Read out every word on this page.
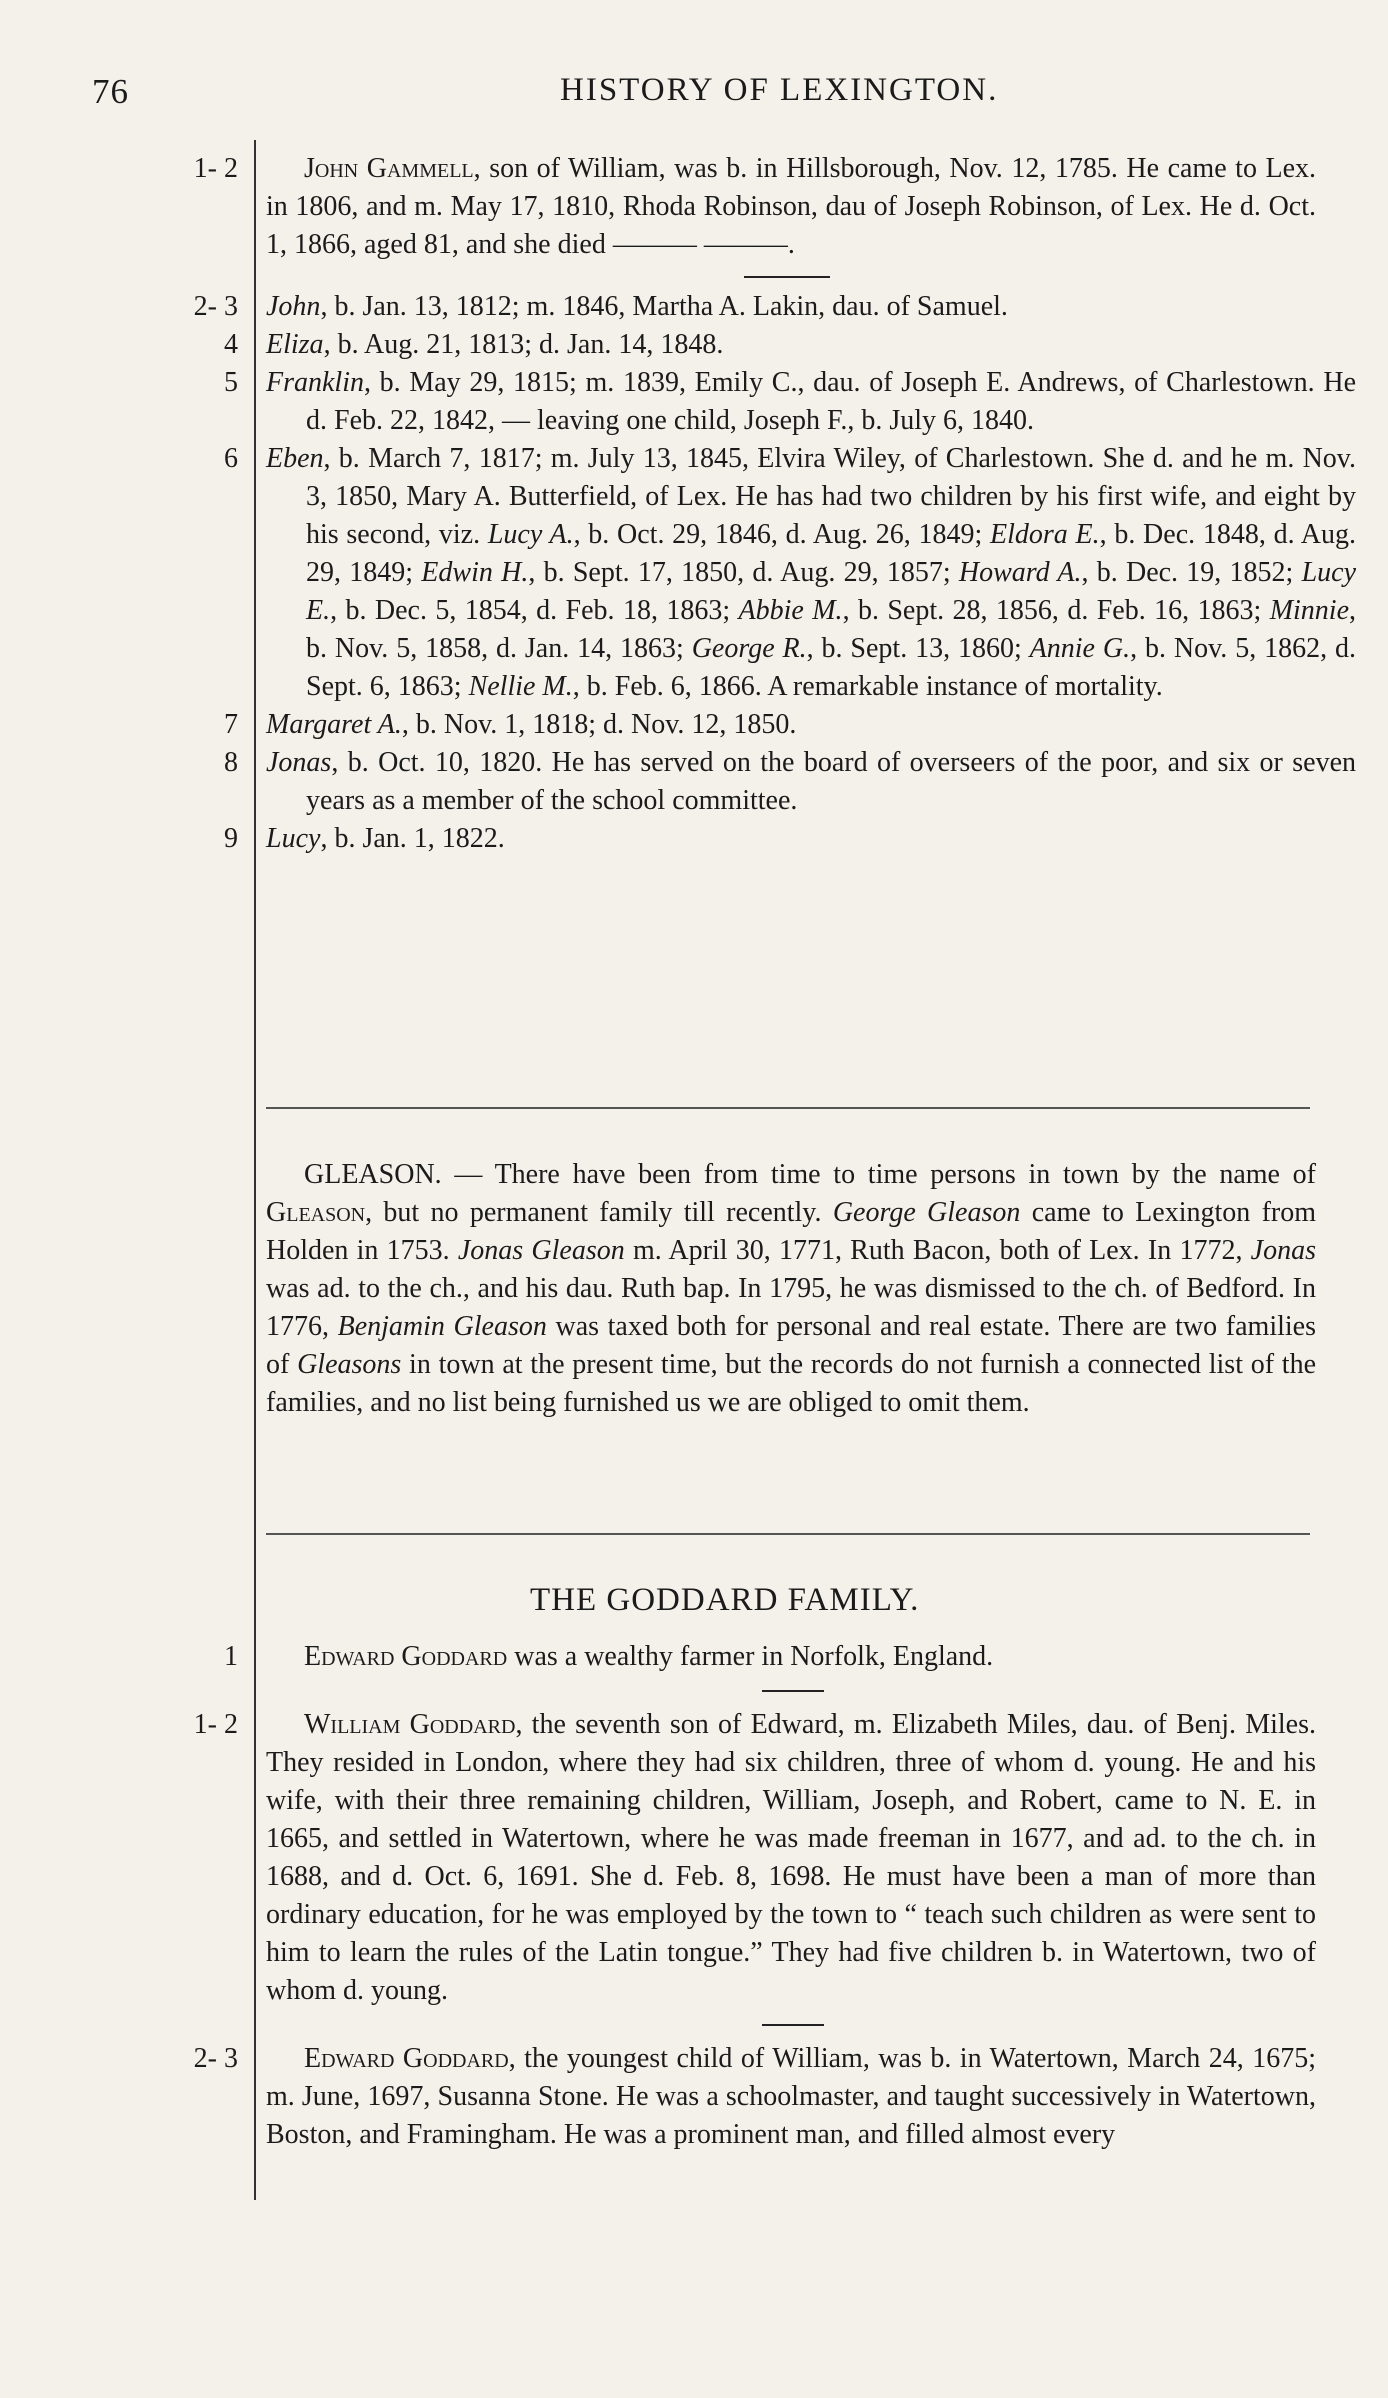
76	HISTORY OF LEXINGTON.
1- 2	John Gammell, son of William, was b. in Hillsborough, Nov. 12, 1785. He came to Lex. in 1806, and m. May 17, 1810, Rhoda Robinson, dau of Joseph Robinson, of Lex. He d. Oct. 1, 1866, aged 81, and she died ——— ———.
2- 3 John, b. Jan. 13, 1812; m. 1846, Martha A. Lakin, dau. of Samuel.
4 Eliza, b. Aug. 21, 1813; d. Jan. 14, 1848.
5 Franklin, b. May 29, 1815; m. 1839, Emily C., dau. of Joseph E. Andrews, of Charlestown. He d. Feb. 22, 1842, — leaving one child, Joseph F., b. July 6, 1840.
6 Eben, b. March 7, 1817; m. July 13, 1845, Elvira Wiley, of Charlestown. She d. and he m. Nov. 3, 1850, Mary A. Butterfield, of Lex. He has had two children by his first wife, and eight by his second, viz. Lucy A., b. Oct. 29, 1846, d. Aug. 26, 1849; Eldora E., b. Dec. 1848, d. Aug. 29, 1849; Edwin H., b. Sept. 17, 1850, d. Aug. 29, 1857; Howard A., b. Dec. 19, 1852; Lucy E., b. Dec. 5, 1854, d. Feb. 18, 1863; Abbie M., b. Sept. 28, 1856, d. Feb. 16, 1863; Minnie, b. Nov. 5, 1858, d. Jan. 14, 1863; George R., b. Sept. 13, 1860; Annie G., b. Nov. 5, 1862, d. Sept. 6, 1863; Nellie M., b. Feb. 6, 1866. A remarkable instance of mortality.
7 Margaret A., b. Nov. 1, 1818; d. Nov. 12, 1850.
8 Jonas, b. Oct. 10, 1820. He has served on the board of overseers of the poor, and six or seven years as a member of the school committee.
9 Lucy, b. Jan. 1, 1822.
GLEASON. — There have been from time to time persons in town by the name of Gleason, but no permanent family till recently. George Gleason came to Lexington from Holden in 1753. Jonas Gleason m. April 30, 1771, Ruth Bacon, both of Lex. In 1772, Jonas was ad. to the ch., and his dau. Ruth bap. In 1795, he was dismissed to the ch. of Bedford. In 1776, Benjamin Gleason was taxed both for personal and real estate. There are two families of Gleasons in town at the present time, but the records do not furnish a connected list of the families, and no list being furnished us we are obliged to omit them.
THE GODDARD FAMILY.
1	Edward Goddard was a wealthy farmer in Norfolk, England.
1- 2	William Goddard, the seventh son of Edward, m. Elizabeth Miles, dau. of Benj. Miles. They resided in London, where they had six children, three of whom d. young. He and his wife, with their three remaining children, William, Joseph, and Robert, came to N. E. in 1665, and settled in Watertown, where he was made freeman in 1677, and ad. to the ch. in 1688, and d. Oct. 6, 1691. She d. Feb. 8, 1698. He must have been a man of more than ordinary education, for he was employed by the town to “ teach such children as were sent to him to learn the rules of the Latin tongue.” They had five children b. in Watertown, two of whom d. young.
2- 3	Edward Goddard, the youngest child of William, was b. in Watertown, March 24, 1675; m. June, 1697, Susanna Stone. He was a schoolmaster, and taught successively in Watertown, Boston, and Framingham. He was a prominent man, and filled almost every
